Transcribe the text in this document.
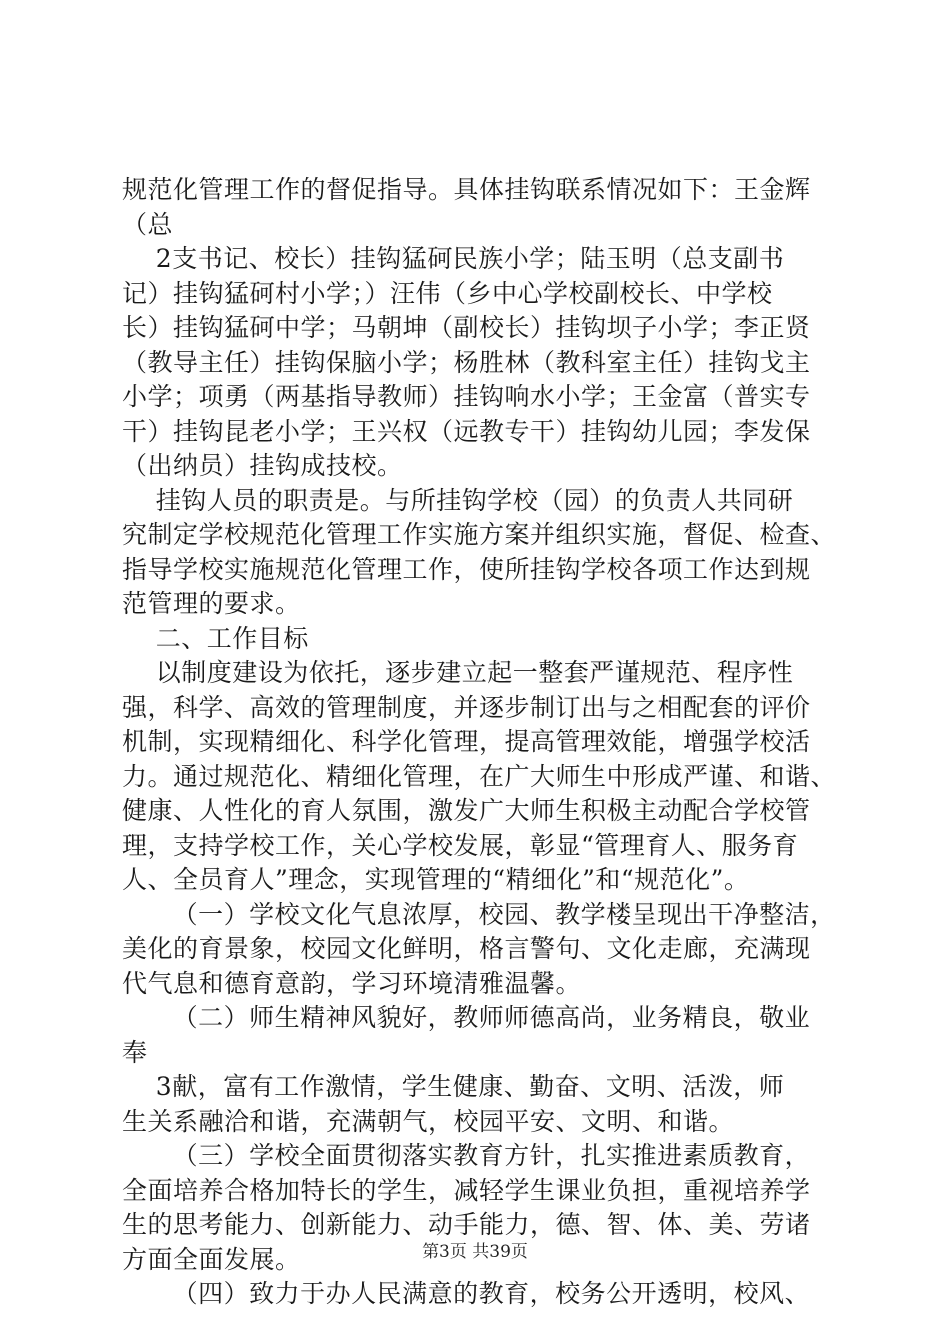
规范化管理工作的督促指导。具体挂钩联系情况如下：王金辉
（总
2支书记、校长）挂钩猛砢民族小学；陆玉明（总支副书
记）挂钩猛砢村小学；）汪伟（乡中心学校副校长、中学校
长）挂钩猛砢中学；马朝坤（副校长）挂钩坝子小学；李正贤
（教导主任）挂钩保脑小学；杨胜林（教科室主任）挂钩戈主
小学；项勇（两基指导教师）挂钩响水小学；王金富（普实专
干）挂钩昆老小学；王兴权（远教专干）挂钩幼儿园；李发保
（出纳员）挂钩成技校。
挂钩人员的职责是。与所挂钩学校（园）的负责人共同研
究制定学校规范化管理工作实施方案并组织实施，督促、检查、
指导学校实施规范化管理工作，使所挂钩学校各项工作达到规
范管理的要求。
二、工作目标
以制度建设为依托，逐步建立起一整套严谨规范、程序性
强，科学、高效的管理制度，并逐步制订出与之相配套的评价
机制，实现精细化、科学化管理，提高管理效能，增强学校活
力。通过规范化、精细化管理，在广大师生中形成严谨、和谐、
健康、人性化的育人氛围，激发广大师生积极主动配合学校管
理，支持学校工作，关心学校发展，彰显“管理育人、服务育
人、全员育人”理念，实现管理的“精细化”和“规范化”。
（一）学校文化气息浓厚，校园、教学楼呈现出干净整洁，
美化的育景象，校园文化鲜明，格言警句、文化走廊，充满现
代气息和德育意韵，学习环境清雅温馨。
（二）师生精神风貌好，教师师德高尚，业务精良，敬业
奉
3献，富有工作激情，学生健康、勤奋、文明、活泼，师
生关系融洽和谐，充满朝气，校园平安、文明、和谐。
（三）学校全面贯彻落实教育方针，扎实推进素质教育，
全面培养合格加特长的学生，减轻学生课业负担，重视培养学
生的思考能力、创新能力、动手能力，德、智、体、美、劳诸
方面全面发展。
（四）致力于办人民满意的教育，校务公开透明，校风、
第3页 共39页
